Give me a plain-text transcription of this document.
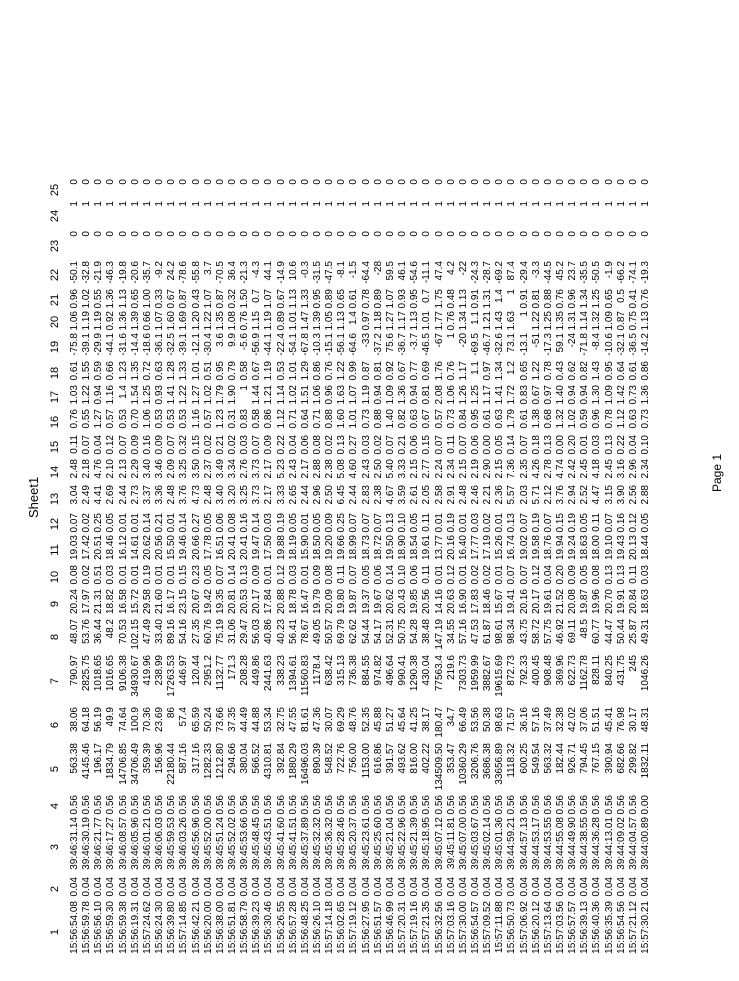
Sheet1
Page 1
1
2
3
4
5
6
7
8
9
10
11
12
13
14
15
16
17
18
19
20
21
22
23
24
25
15:56:54.08
0.04
39:46:31.14
0.56
563.38
38.06
790.97
48.07
20.24
0.08
19.03
0.07
3.04
2.48
0.11
0.76
1.03
0.61
-75.8
1.06
0.96
-50.1
0
1
0
15:56:59.78
0.04
39:46:30.19
0.56
4145.46
64.18
2825.75
53.76
17.97
0.02
17.42
0.02
2.49
2.18
0.07
0.55
1.22
1.55
-39.1
1.19
1.02
-32.8
0
1
0
15:56:56.10
0.04
39:46:21.77
0.56
196.17
56.19
1018.65
36.44
21.31
0.51
20.51
0.25
4.41
4.76
0.04
1.27
0.94
0.59
-29.9
1.19
0.55
-21.9
0
1
0
15:56:59.30
0.04
39:46:17.27
0.56
1834.79
49.9
1016.65
48.2
18.82
0.03
18.46
0.05
2.69
2.10
0.12
0.57
1.16
0.66
-44.1
0.92
1.36
-46.3
0
1
0
15:56:59.38
0.04
39:46:08.57
0.56
14706.85
74.64
9106.38
70.53
16.58
0.01
16.12
0.01
2.44
2.13
0.07
0.53
1.4
1.23
-31.6
1.36
1.13
-19.8
0
1
0
15:56:19.31
0.04
39:46:05.96
0.56
34706.49
100.9
34930.67
102.15
15.72
0.01
14.61
0.01
2.73
2.29
0.09
0.70
1.54
1.35
-14.4
1.39
0.65
-20.6
0
1
0
15:57:24.62
0.04
39:46:01.21
0.56
359.39
70.36
419.96
47.49
29.58
0.19
20.62
0.14
3.37
3.40
0.16
1.06
1.25
0.72
-18.6
0.66
1.00
-35.7
0
1
0
15:56:24.30
0.04
39:46:06.03
0.56
156.96
23.69
238.99
33.40
21.60
0.01
20.56
0.21
3.36
3.46
0.09
0.53
0.93
0.63
-36.1
1.07
0.33
-9.2
0
1
0
15:56:39.80
0.04
39:45:59.53
0.56
22180.44
86
17263.53
89.16
16.17
0.01
15.50
0.01
2.48
2.09
0.07
0.53
1.41
1.28
-32.5
1.60
0.67
24.2
0
1
0
15:57:14.85
0.04
39:46:03.26
0.56
587.16
57.4
446.97
54.16
23.15
0.15
19.46
0.14
3.76
3.25
0.32
0.53
1.22
1.33
-39.1
1.69
0.87
-78.6
0
1
0
15:56:42.21
0.04
39:45:56.96
0.56
317.16
65.59
120.44
27.35
20.67
0.23
20.66
0.27
4.73
3.50
0.15
1.16
1.27
1.01
-12.1
1.20
0.43
-55.8
0
1
0
15:56:20.00
0.04
39:45:52.00
0.56
1282.33
50.24
2951.2
60.76
19.42
0.05
17.78
0.05
2.48
2.37
0.02
0.57
1.02
0.51
-30.4
1.22
1.07
3.7
0
1
0
15:56:38.00
0.04
39:45:51.24
0.56
1212.80
73.66
1132.77
75.19
19.35
0.07
16.51
0.06
3.40
3.49
0.21
1.23
1.79
0.95
3.6
1.35
0.87
-70.5
0
1
0
15:56:51.81
0.04
39:45:52.02
0.56
294.66
37.35
171.3
31.06
20.81
0.14
20.41
0.08
3.20
3.34
0.02
0.31
1.90
0.79
9.9
1.08
0.32
36.4
0
1
0
15:56:58.79
0.04
39:45:53.66
0.56
380.04
44.49
208.28
29.47
20.53
0.13
20.41
0.16
3.25
2.76
0.03
0.83
1
0.58
-5.6
0.76
1.50
-21.3
0
1
0
15:56:39.23
0.04
39:45:48.45
0.56
566.52
44.88
449.86
56.03
20.17
0.09
19.47
0.14
3.73
3.73
0.07
0.58
1.44
0.67
-56.9
1.15
0.7
-4.3
0
1
0
15:56:30.46
0.04
39:45:43.51
0.56
4310.81
53.34
2441.63
40.86
17.84
0.01
17.50
0.03
2.17
2.17
0.09
0.86
1.21
1.19
-44.1
1.19
1.07
44.1
0
1
0
15:56:26.55
0.04
39:45:41.60
0.56
392.84
32.75
338.23
40.23
20.88
0.12
19.88
0.19
3.33
5.23
0.22
1.12
1.14
0.53
-22.4
0.89
0.67
-14.9
0
1
0
15:56:57.28
0.04
39:45:41.51
0.56
1880.29
47.55
1394.61
56.41
18.78
0.03
18.19
0.05
2.65
2.43
0.04
0.71
1.02
1.01
-54.1
1.01
1.13
10.6
0
1
0
15:56:48.25
0.04
39:45:37.89
0.56
16496.03
81.61
11560.83
78.67
16.47
0.01
15.90
0.01
2.44
2.17
0.06
0.64
1.51
1.29
-67.8
1.47
1.33
-0.3
0
1
0
15:56:26.10
0.04
39:45:32.32
0.56
890.39
47.36
1178.4
49.05
19.79
0.09
18.50
0.05
2.96
2.88
0.08
0.71
1.06
0.86
-10.3
1.39
0.95
-31.5
0
1
0
15:57:14.18
0.04
39:45:36.32
0.56
548.52
30.07
638.42
50.57
20.09
0.08
19.20
0.09
2.50
2.38
0.02
0.88
0.96
0.76
-15.1
1.05
0.89
-47.5
0
1
0
15:56:02.65
0.04
39:45:28.46
0.56
722.76
69.29
315.13
69.79
19.80
0.11
19.66
0.25
6.45
5.08
0.13
1.60
1.63
1.22
-56.1
1.13
0.65
-8.1
0
1
0
15:57:19.12
0.04
39:45:20.37
0.56
756.00
48.76
736.38
62.62
19.87
0.07
18.99
0.07
2.44
4.60
0.27
1.01
1.07
0.99
-64.6
1.4
0.61
-1.5
0
1
0
15:56:27.95
0.04
39:45:23.61
0.56
1153.00
52.35
884.55
54.44
19.37
0.05
18.73
0.07
2.83
2.43
0.03
0.73
1.19
0.87
-33
0.97
0.78
-64.4
0
1
0
15:56:51.57
0.04
39:45:25.60
0.56
616.86
45.88
974.82
54.17
19.67
0.06
18.72
0.07
2.38
2.50
0.02
0.88
0.94
0.81
-37.2
1.18
0.89
-28
0
1
0
15:56:46.99
0.04
39:45:21.04
0.56
391.57
51.27
496.64
52.31
20.62
0.14
19.50
0.13
4.67
5.40
0.07
1.40
1.09
0.92
75.6
1.27
1.07
59.5
0
1
0
15:57:20.31
0.04
39:45:22.96
0.56
493.62
45.64
990.41
50.75
20.43
0.10
18.90
0.10
3.59
3.33
0.21
0.82
1.36
0.67
-36.7
1.17
0.93
46.1
0
1
0
15:57:19.16
0.04
39:45:21.39
0.56
816.00
41.25
1290.38
54.28
19.85
0.06
18.54
0.05
2.61
2.15
0.06
0.63
0.94
0.77
-3.7
1.13
0.95
-54.6
0
1
0
15:57:21.35
0.04
39:45:18.95
0.56
402.22
38.17
430.04
38.48
20.56
0.11
19.61
0.11
2.05
2.77
0.15
0.67
0.81
0.69
-46.5
1.01
0.7
-11.1
0
1
0
15:56:32.56
0.04
39:45:07.12
0.56
134509.50
180.47
77563.4
147.19
14.16
0.01
13.77
0.01
2.58
2.24
0.07
0.57
2.08
1.76
-67
1.77
1.75
47.4
0
1
0
15:57:03.16
0.04
39:45:11.81
0.56
353.47
34.7
219.6
34.55
20.63
0.12
20.16
0.19
2.91
2.34
0.11
0.73
1.06
0.76
1
0.76
0.48
4.2
0
1
0
15:57:30.00
0.04
39:45:07.00
0.56
10360.29
66.49
7303.73
57.16
16.90
0.01
16.40
0.01
2.48
2.15
0.07
0.84
1.26
1.17
-20
1.34
1.13
-22
0
1
0
15:56:54.57
0.04
39:45:03.67
0.56
3206.76
53.56
1959.99
47.53
17.83
0.02
17.77
0.03
2.46
2.19
0.06
0.95
1.25
1.1
-69.5
1.1
0.91
-24.3
0
1
0
15:57:09.52
0.04
39:45:02.14
0.56
3686.38
50.38
3882.67
61.87
18.46
0.02
17.19
0.02
2.21
2.90
0.00
0.61
1.17
0.97
-46.7
1.21
1.31
-28.7
0
1
0
15:57:11.88
0.04
39:45:01.36
0.56
33656.89
98.63
19615.69
98.61
15.67
0.01
15.26
0.01
2.36
2.15
0.05
0.63
1.41
1.34
-32.6
1.43
1.4
-69.2
0
1
0
15:56:50.73
0.04
39:44:59.21
0.56
1118.32
71.57
872.73
98.34
19.41
0.07
16.74
0.13
5.57
7.36
0.14
1.79
1.72
1.2
73.1
1.63
1
87.4
0
1
0
15:57:06.92
0.04
39:44:57.13
0.56
600.25
36.16
792.33
43.75
20.16
0.07
19.02
0.07
2.03
2.35
0.07
0.61
0.83
0.65
-13.1
1
0.91
-29.4
0
1
0
15:56:20.12
0.04
39:44:53.17
0.56
549.54
57.16
400.45
58.72
20.17
0.12
19.58
0.19
5.71
4.26
0.18
1.38
0.67
1.22
-51
1.22
0.81
-3.3
0
1
0
15:57:13.64
0.04
39:44:53.55
0.56
563.32
37.49
908.48
57.75
19.61
0.04
18.76
0.07
2.12
2.78
0.13
0.68
0.97
0.78
-17.3
1.25
0.88
-44.5
0
1
0
15:57:03.56
0.04
39:44:55.08
0.56
182.44
32.38
369.96
46.92
21.52
0.20
19.94
0.15
3.76
4.74
0.00
1.32
1.40
0.43
59.1
1.35
0.76
45.2
0
1
0
15:56:57.57
0.04
39:44:49.90
0.56
926.71
42.02
622.73
69.11
20.08
0.09
19.24
0.19
2.94
2.42
0.20
1.02
0.94
0.62
-24
1.31
0.96
23.7
0
1
0
15:56:39.13
0.04
39:44:38.55
0.56
794.45
37.06
1162.78
48.5
19.87
0.05
18.63
0.05
2.52
2.45
0.01
0.59
0.94
0.82
-71.8
1.14
1.34
-35.5
0
1
0
15:56:40.36
0.04
39:44:36.28
0.56
767.15
51.51
828.11
60.77
19.96
0.08
18.00
0.11
4.47
4.18
0.03
0.96
1.30
1.43
-8.4
1.32
1.25
-50.5
0
1
0
15:56:35.39
0.04
39:44:13.01
0.56
390.94
45.41
840.25
44.47
20.70
0.13
19.10
0.07
3.15
2.45
0.13
0.78
1.09
0.95
-10.6
1.09
0.65
-1.9
0
1
0
15:56:54.56
0.04
39:44:09.02
0.56
682.66
76.98
431.75
50.44
19.91
0.13
19.43
0.16
3.90
3.16
0.22
1.12
1.42
0.64
-32.1
0.87
0.5
-66.2
0
1
0
15:57:21.12
0.04
39:44:04.57
0.56
299.82
30.17
245
25.87
20.84
0.11
20.13
0.12
2.56
2.96
0.04
0.63
0.73
0.61
-36.5
0.75
0.41
-74.1
0
1
0
15:57:30.21
0.04
39:44:00.89
0.00
1832.11
48.31
1046.26
49.31
18.63
0.03
18.44
0.05
2.88
2.34
0.10
0.73
1.36
0.86
-14.2
1.13
0.76
-19.3
0
1
0
